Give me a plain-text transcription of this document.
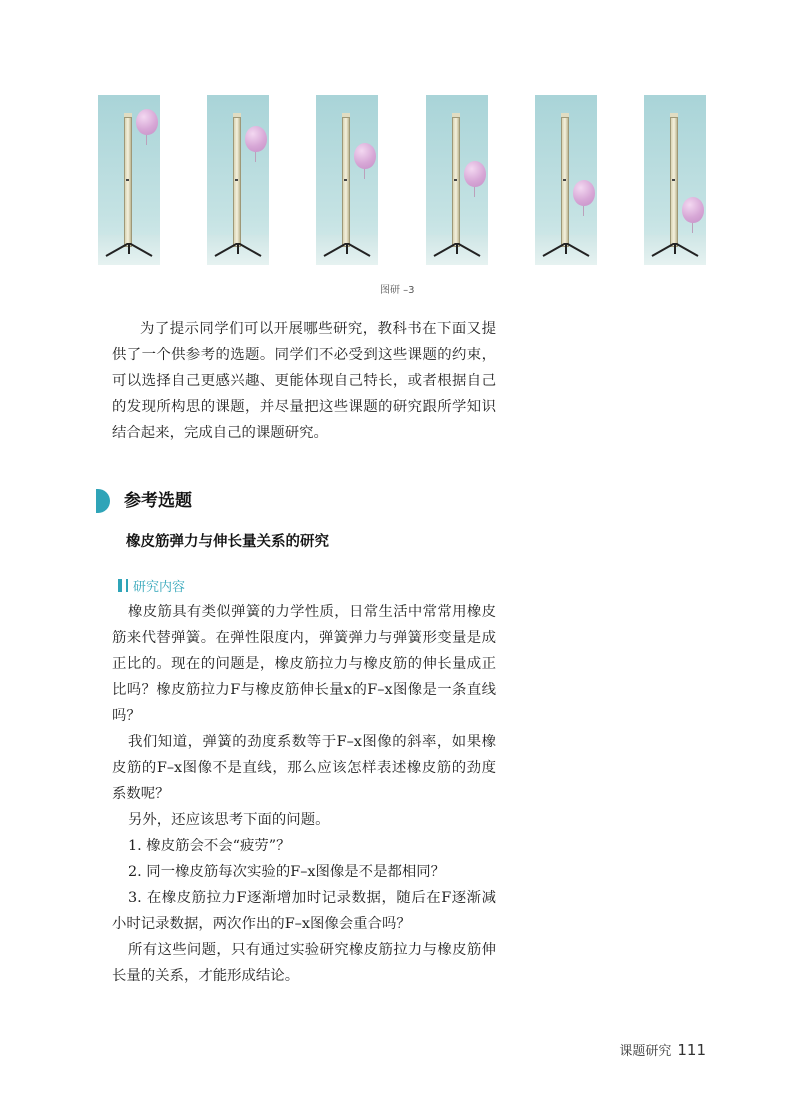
图研 –3

为了提示同学们可以开展哪些研究，教科书在下面又提供了一个供参考的选题。同学们不必受到这些课题的约束，可以选择自己更感兴趣、更能体现自己特长，或者根据自己的发现所构思的课题，并尽量把这些课题的研究跟所学知识结合起来，完成自己的课题研究。

参考选题
橡皮筋弹力与伸长量关系的研究
研究内容

橡皮筋具有类似弹簧的力学性质，日常生活中常常用橡皮筋来代替弹簧。在弹性限度内，弹簧弹力与弹簧形变量是成正比的。现在的问题是，橡皮筋拉力与橡皮筋的伸长量成正比吗？橡皮筋拉力F与橡皮筋伸长量x的F–x图像是一条直线吗？

我们知道，弹簧的劲度系数等于F–x图像的斜率，如果橡皮筋的F–x图像不是直线，那么应该怎样表述橡皮筋的劲度系数呢？

另外，还应该思考下面的问题。

1. 橡皮筋会不会“疲劳”？

2. 同一橡皮筋每次实验的F–x图像是不是都相同？

3. 在橡皮筋拉力F逐渐增加时记录数据，随后在F逐渐减小时记录数据，两次作出的F–x图像会重合吗？

所有这些问题，只有通过实验研究橡皮筋拉力与橡皮筋伸长量的关系，才能形成结论。

课题研究 111
